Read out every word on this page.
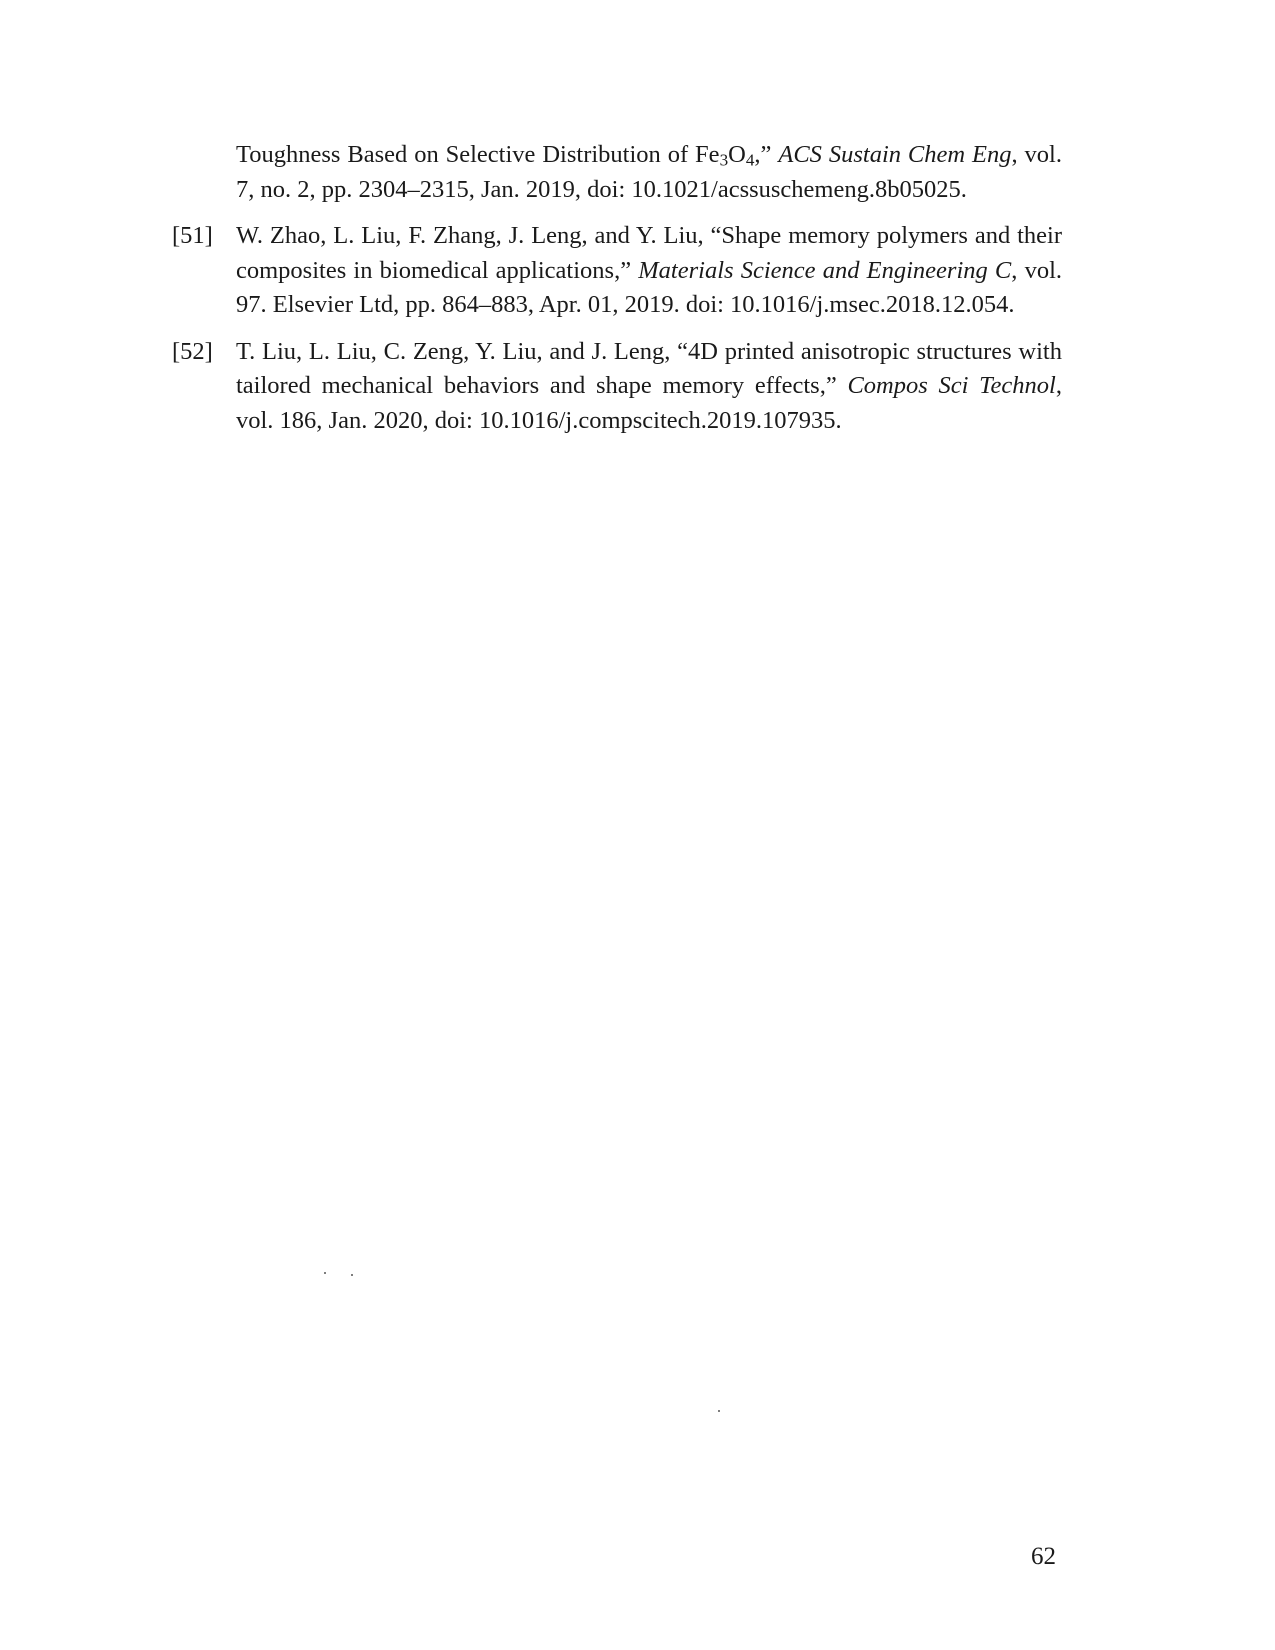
Toughness Based on Selective Distribution of $Fe_3O_4$,” ACS Sustain Chem Eng, vol. 7, no. 2, pp. 2304–2315, Jan. 2019, doi: 10.1021/acssuschemeng.8b05025.
[51] W. Zhao, L. Liu, F. Zhang, J. Leng, and Y. Liu, “Shape memory polymers and their composites in biomedical applications,” Materials Science and Engineering C, vol. 97. Elsevier Ltd, pp. 864–883, Apr. 01, 2019. doi: 10.1016/j.msec.2018.12.054.
[52] T. Liu, L. Liu, C. Zeng, Y. Liu, and J. Leng, “4D printed anisotropic structures with tailored mechanical behaviors and shape memory effects,” Compos Sci Technol, vol. 186, Jan. 2020, doi: 10.1016/j.compscitech.2019.107935.
62
